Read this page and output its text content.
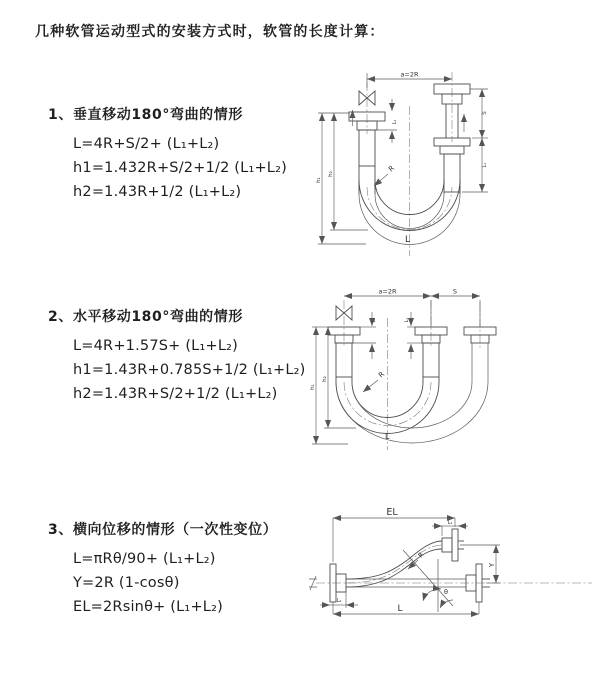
几种软管运动型式的安装方式时，软管的长度计算：
1、垂直移动180°弯曲的情形
L=4R+S/2+ (L₁+L₂)
h1=1.432R+S/2+1/2 (L₁+L₂)
h2=1.43R+1/2 (L₁+L₂)
2、水平移动180°弯曲的情形
L=4R+1.57S+ (L₁+L₂)
h1=1.43R+0.785S+1/2 (L₁+L₂)
h2=1.43R+S/2+1/2 (L₁+L₂)
3、横向位移的情形（一次性变位）
L=πRθ/90+ (L₁+L₂)
Y=2R (1-cosθ)
EL=2Rsinθ+ (L₁+L₂)
a=2R
h₁
h₂
L₂
S
L₁
R
L
a=2R	S
h₁
h₂
L₂	L₁
R
L
θ
EL
L₁
Y
L
L₂
R
